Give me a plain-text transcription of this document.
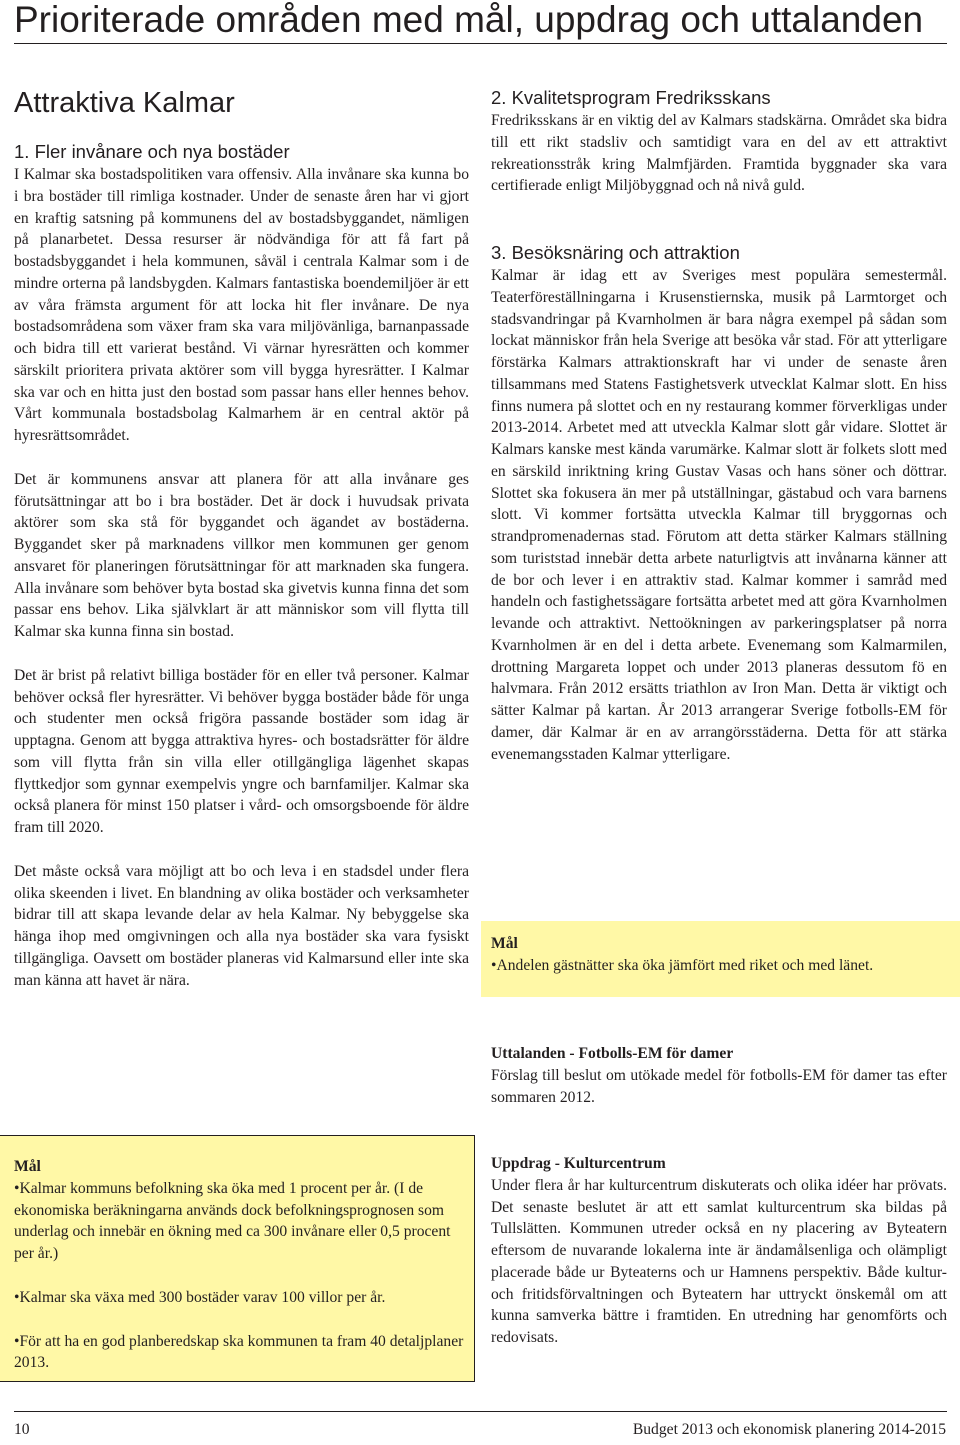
Prioriterade områden med mål, uppdrag och uttalanden
Attraktiva Kalmar
1. Fler invånare och nya bostäder

I Kalmar ska bostadspolitiken vara offensiv. Alla invånare ska kunna bo i bra bostäder till rimliga kostnader. Under de senaste åren har vi gjort en kraftig satsning på kommunens del av bostadsbyggandet, nämligen på planarbetet. Dessa resurser är nödvändiga för att få fart på bostadsbyggandet i hela kommunen, såväl i centrala Kalmar som i de mindre orterna på landsbygden. Kalmars fantastiska boendemiljöer är ett av våra främsta argument för att locka hit fler invånare. De nya bostadsområdena som växer fram ska vara miljövänliga, barnanpassade och bidra till ett varierat bestånd. Vi värnar hyresrätten och kommer särskilt prioritera privata aktörer som vill bygga hyresrätter. I Kalmar ska var och en hitta just den bostad som passar hans eller hennes behov. Vårt kommunala bostadsbolag Kalmarhem är en central aktör på hyresrättsområdet.

Det är kommunens ansvar att planera för att alla invånare ges förutsättningar att bo i bra bostäder. Det är dock i huvudsak privata aktörer som ska stå för byggandet och ägandet av bostäderna. Byggandet sker på marknadens villkor men kommunen ger genom ansvaret för planeringen förutsättningar för att marknaden ska fungera. Alla invånare som behöver byta bostad ska givetvis kunna finna det som passar ens behov. Lika självklart är att människor som vill flytta till Kalmar ska kunna finna sin bostad.

Det är brist på relativt billiga bostäder för en eller två personer. Kalmar behöver också fler hyresrätter. Vi behöver bygga bostäder både för unga och studenter men också frigöra passande bostäder som idag är upptagna. Genom att bygga attraktiva hyres- och bostadsrätter för äldre som vill flytta från sin villa eller otillgängliga lägenhet skapas flyttkedjor som gynnar exempelvis yngre och barnfamiljer. Kalmar ska också planera för minst 150 platser i vård- och omsorgsboende för äldre fram till 2020.

Det måste också vara möjligt att bo och leva i en stadsdel under flera olika skeenden i livet. En blandning av olika bostäder och verksamheter bidrar till att skapa levande delar av hela Kalmar. Ny bebyggelse ska hänga ihop med omgivningen och alla nya bostäder ska vara fysiskt tillgängliga. Oavsett om bostäder planeras vid Kalmarsund eller inte ska man känna att havet är nära.

Mål

•Kalmar kommuns befolkning ska öka med 1 procent per år. (I de ekonomiska beräkningarna används dock befolkningsprognosen som underlag och innebär en ökning med ca 300 invånare eller 0,5 procent per år.)

•Kalmar ska växa med 300 bostäder varav 100 villor per år.

•För att ha en god planberedskap ska kommunen ta fram 40 detaljplaner 2013.

2. Kvalitetsprogram Fredriksskans

Fredriksskans är en viktig del av Kalmars stadskärna. Området ska bidra till ett rikt stadsliv och samtidigt vara en del av ett attraktivt rekreationsstråk kring Malmfjärden. Framtida byggnader ska vara certifierade enligt Miljöbyggnad och nå nivå guld.

3. Besöksnäring och attraktion

Kalmar är idag ett av Sveriges mest populära semestermål. Teaterföreställningarna i Krusenstiernska, musik på Larmtorget och stadsvandringar på Kvarnholmen är bara några exempel på sådan som lockat människor från hela Sverige att besöka vår stad. För att ytterligare förstärka Kalmars attraktionskraft har vi under de senaste åren tillsammans med Statens Fastighetsverk utvecklat Kalmar slott. En hiss finns numera på slottet och en ny restaurang kommer förverkligas under 2013-2014. Arbetet med att utveckla Kalmar slott går vidare. Slottet är Kalmars kanske mest kända varumärke. Kalmar slott är folkets slott med en särskild inriktning kring Gustav Vasas och hans söner och döttrar. Slottet ska fokusera än mer på utställningar, gästabud och vara barnens slott. Vi kommer fortsätta utveckla Kalmar till bryggornas och strandpromenadernas stad. Förutom att detta stärker Kalmars ställning som turiststad innebär detta arbete naturligtvis att invånarna känner att de bor och lever i en attraktiv stad. Kalmar kommer i samråd med handeln och fastighetssägare fortsätta arbetet med att göra Kvarnholmen levande och attraktivt. Nettoökningen av parkeringsplatser på norra Kvarnholmen är en del i detta arbete. Evenemang som Kalmarmilen, drottning Margareta loppet och under 2013 planeras dessutom fö en halvmara. Från 2012 ersätts triathlon av Iron Man. Detta är viktigt och sätter Kalmar på kartan. År 2013 arrangerar Sverige fotbolls-EM för damer, där Kalmar är en av arrangörsstäderna. Detta för att stärka evenemangsstaden Kalmar ytterligare.

Mål
•Andelen gästnätter ska öka jämfört med riket och med länet.
Uttalanden - Fotbolls-EM för damer

Förslag till beslut om utökade medel för fotbolls-EM för damer tas efter sommaren 2012.

Uppdrag - Kulturcentrum

Under flera år har kulturcentrum diskuterats och olika idéer har prövats. Det senaste beslutet är att ett samlat kulturcentrum ska bildas på Tullslätten. Kommunen utreder också en ny placering av Byteatern eftersom de nuvarande lokalerna inte är ändamålsenliga och olämpligt placerade både ur Byteaterns och ur Hamnens perspektiv. Både kultur- och fritidsförvaltningen och Byteatern har uttryckt önskemål om att kunna samverka bättre i framtiden. En utredning har genomförts och redovisats.

10	Budget 2013 och ekonomisk planering 2014-2015
